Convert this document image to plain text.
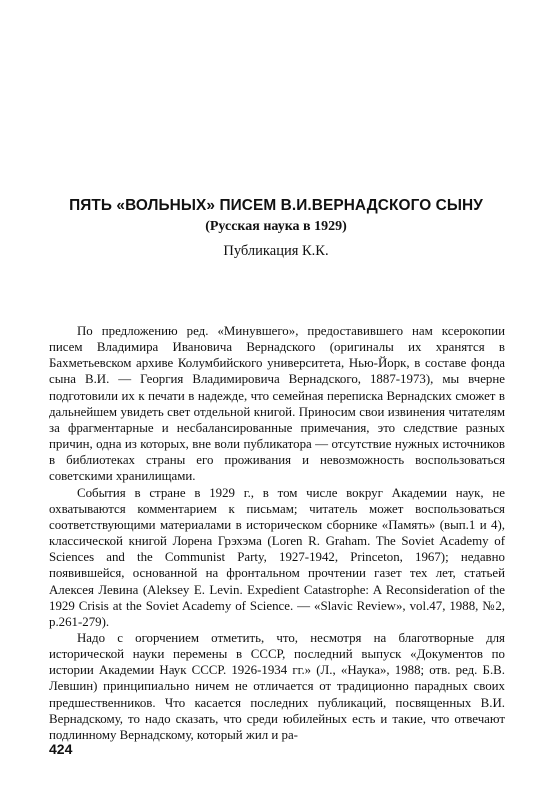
ПЯТЬ «ВОЛЬНЫХ» ПИСЕМ В.И.ВЕРНАДСКОГО СЫНУ
(Русская наука в 1929)
Публикация К.К.

По предложению ред. «Минувшего», предоставившего нам ксерокопии писем Владимира Ивановича Вернадского (оригиналы их хранятся в Бахметьевском архиве Колумбийского университета, Нью-Йорк, в составе фонда сына В.И. — Георгия Владимировича Вернадского, 1887-1973), мы вчерне подготовили их к печати в надежде, что семейная переписка Вернадских сможет в дальнейшем увидеть свет отдельной книгой. Приносим свои извинения читателям за фрагментарные и несбалансированные примечания, это следствие разных причин, одна из которых, вне воли публикатора — отсутствие нужных источников в библиотеках страны его проживания и невозможность воспользоваться советскими хранилищами.

События в стране в 1929 г., в том числе вокруг Академии наук, не охватываются комментарием к письмам; читатель может воспользоваться соответствующими материалами в историческом сборнике «Память» (вып.1 и 4), классической книгой Лорена Грэхэма (Loren R. Graham. The Soviet Academy of Sciences and the Communist Party, 1927-1942, Princeton, 1967); недавно появившейся, основанной на фронтальном прочтении газет тех лет, статьей Алексея Левина (Aleksey E. Levin. Expedient Catastrophe: A Reconsideration of the 1929 Crisis at the Soviet Academy of Science. — «Slavic Review», vol.47, 1988, №2, p.261-279).

Надо с огорчением отметить, что, несмотря на благотворные для исторической науки перемены в СССР, последний выпуск «Документов по истории Академии Наук СССР. 1926-1934 гг.» (Л., «Наука», 1988; отв. ред. Б.В. Левшин) принципиально ничем не отличается от традиционно парадных своих предшественников. Что касается последних публикаций, посвященных В.И. Вернадскому, то надо сказать, что среди юбилейных есть и такие, что отвечают подлинному Вернадскому, который жил и ра-

424
